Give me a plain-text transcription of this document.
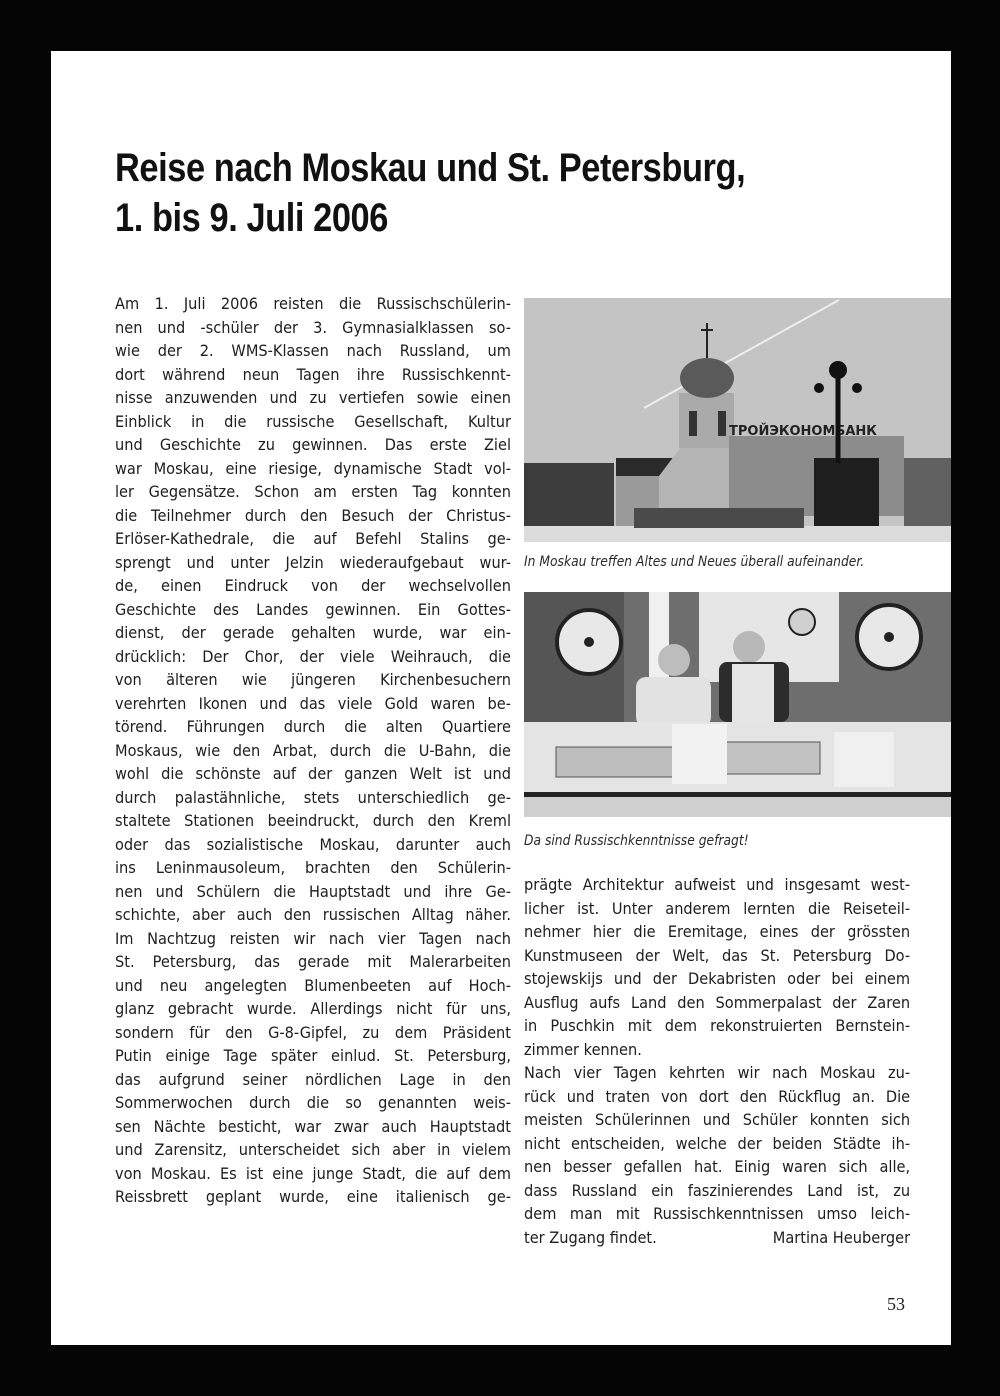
Reise nach Moskau und St. Petersburg,
1. bis 9. Juli 2006
Am 1. Juli 2006 reisten die Russischschülerin-
nen und -schüler der 3. Gymnasialklassen so-
wie der 2. WMS-Klassen nach Russland, um
dort während neun Tagen ihre Russischkennt-
nisse anzuwenden und zu vertiefen sowie einen
Einblick in die russische Gesellschaft, Kultur
und Geschichte zu gewinnen. Das erste Ziel
war Moskau, eine riesige, dynamische Stadt vol-
ler Gegensätze. Schon am ersten Tag konnten
die Teilnehmer durch den Besuch der Christus-
Erlöser-Kathedrale, die auf Befehl Stalins ge-
sprengt und unter Jelzin wiederaufgebaut wur-
de, einen Eindruck von der wechselvollen
Geschichte des Landes gewinnen. Ein Gottes-
dienst, der gerade gehalten wurde, war ein-
drücklich: Der Chor, der viele Weihrauch, die
von älteren wie jüngeren Kirchenbesuchern
verehrten Ikonen und das viele Gold waren be-
törend. Führungen durch die alten Quartiere
Moskaus, wie den Arbat, durch die U-Bahn, die
wohl die schönste auf der ganzen Welt ist und
durch palastähnliche, stets unterschiedlich ge-
staltete Stationen beeindruckt, durch den Kreml
oder das sozialistische Moskau, darunter auch
ins Leninmausoleum, brachten den Schülerin-
nen und Schülern die Hauptstadt und ihre Ge-
schichte, aber auch den russischen Alltag näher.
Im Nachtzug reisten wir nach vier Tagen nach
St. Petersburg, das gerade mit Malerarbeiten
und neu angelegten Blumenbeeten auf Hoch-
glanz gebracht wurde. Allerdings nicht für uns,
sondern für den G-8-Gipfel, zu dem Präsident
Putin einige Tage später einlud. St. Petersburg,
das aufgrund seiner nördlichen Lage in den
Sommerwochen durch die so genannten weis-
sen Nächte besticht, war zwar auch Hauptstadt
und Zarensitz, unterscheidet sich aber in vielem
von Moskau. Es ist eine junge Stadt, die auf dem
Reissbrett geplant wurde, eine italienisch ge-
ТРОЙЭКОНОМБАНК
In Moskau treffen Altes und Neues überall aufeinander.
Da sind Russischkenntnisse gefragt!
prägte Architektur aufweist und insgesamt west-
licher ist. Unter anderem lernten die Reiseteil-
nehmer hier die Eremitage, eines der grössten
Kunstmuseen der Welt, das St. Petersburg Do-
stojewskijs und der Dekabristen oder bei einem
Ausflug aufs Land den Sommerpalast der Zaren
in Puschkin mit dem rekonstruierten Bernstein-
zimmer kennen.
Nach vier Tagen kehrten wir nach Moskau zu-
rück und traten von dort den Rückflug an. Die
meisten Schülerinnen und Schüler konnten sich
nicht entscheiden, welche der beiden Städte ih-
nen besser gefallen hat. Einig waren sich alle,
dass Russland ein faszinierendes Land ist, zu
dem man mit Russischkenntnissen umso leich-
ter Zugang findet.	Martina Heuberger
53
